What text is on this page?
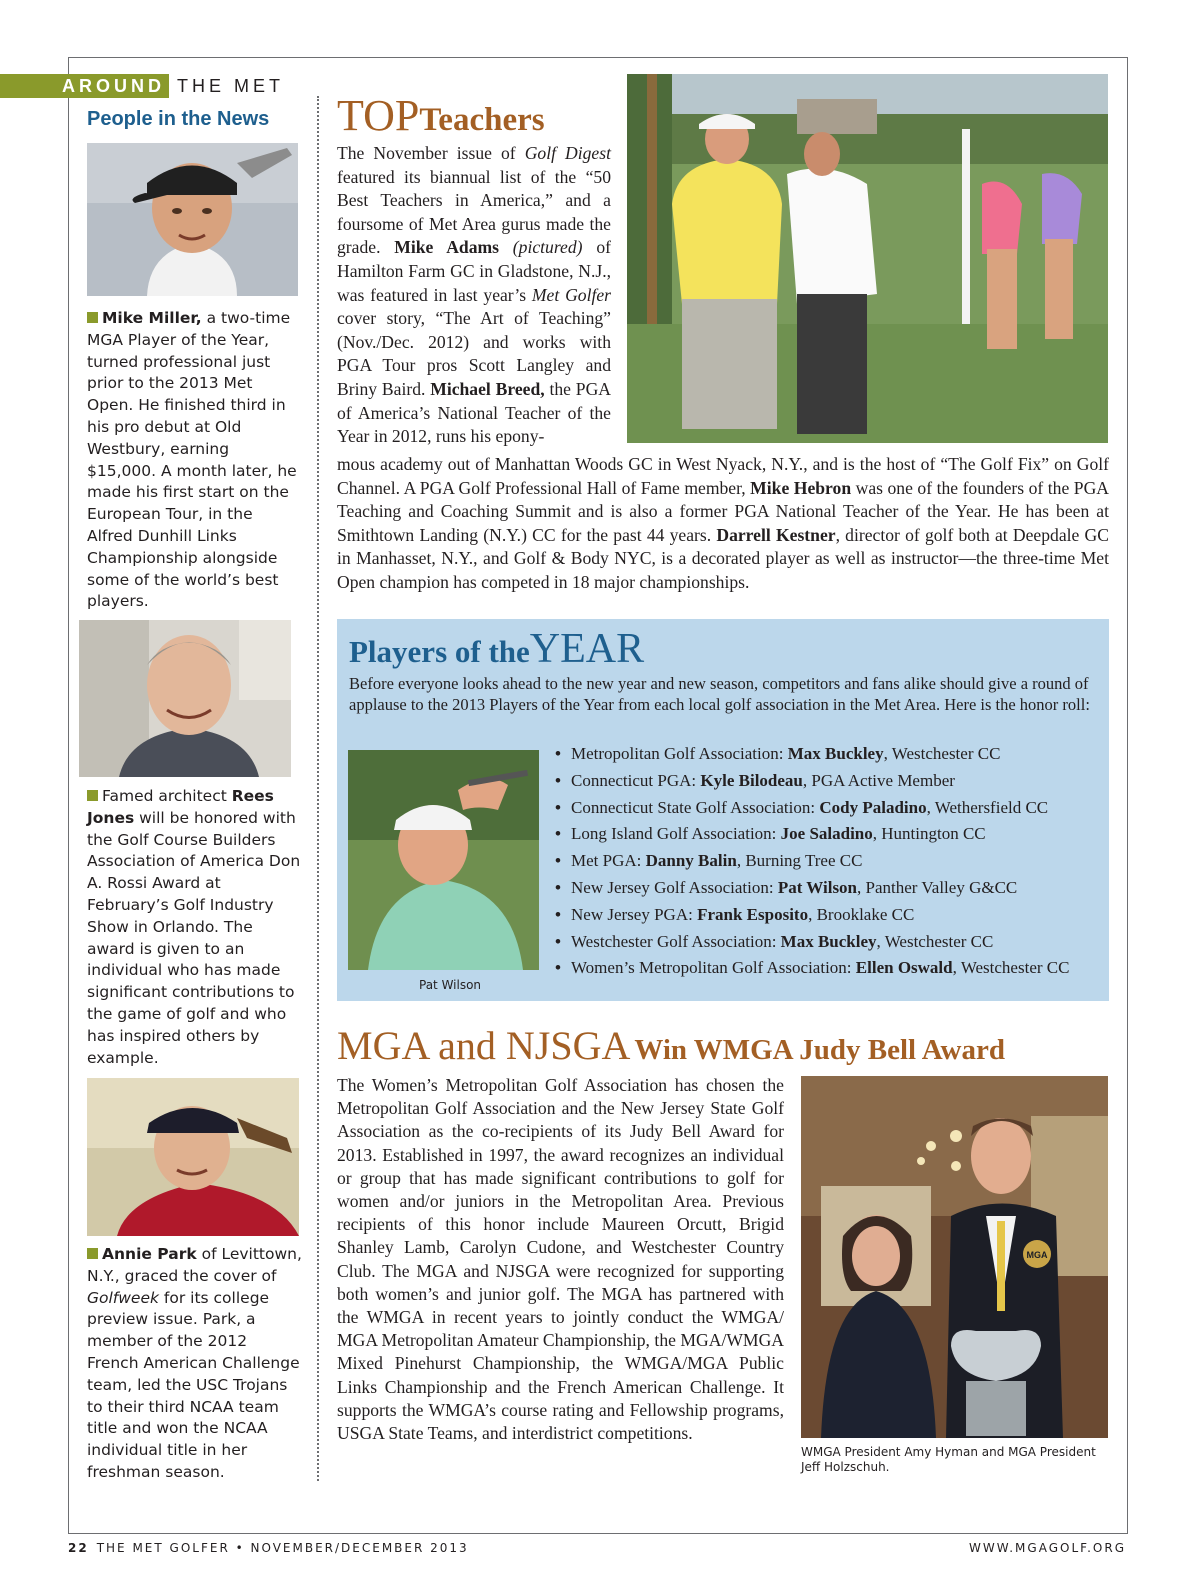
AROUND THE MET
People in the News
Mike Miller, a two-time MGA Player of the Year, turned professional just prior to the 2013 Met Open. He finished third in his pro debut at Old Westbury, earning $15,000. A month later, he made his first start on the European Tour, in the Alfred Dunhill Links Championship alongside some of the world’s best players.
Famed architect Rees Jones will be honored with the Golf Course Builders Association of America Don A. Rossi Award at February’s Golf Industry Show in Orlando. The award is given to an individual who has made significant contributions to the game of golf and who has inspired others by example.
Annie Park of Levittown, N.Y., graced the cover of Golfweek for its college preview issue. Park, a member of the 2012 French American Challenge team, led the USC Trojans to their third NCAA team title and won the NCAA individual title in her freshman season.
TOPTeachers
The November issue of Golf Digest featured its biannual list of the “50 Best Teachers in America,” and a foursome of Met Area gurus made the grade. Mike Adams (pictured) of Hamilton Farm GC in Gladstone, N.J., was featured in last year’s Met Golfer cover story, “The Art of Teaching” (Nov./Dec. 2012) and works with PGA Tour pros Scott Langley and Briny Baird. Michael Breed, the PGA of America’s National Teacher of the Year in 2012, runs his epony-
mous academy out of Manhattan Woods GC in West Nyack, N.Y., and is the host of “The Golf Fix” on Golf Channel. A PGA Golf Professional Hall of Fame member, Mike Hebron was one of the founders of the PGA Teaching and Coaching Summit and is also a former PGA National Teacher of the Year. He has been at Smithtown Landing (N.Y.) CC for the past 44 years. Darrell Kestner, director of golf both at Deepdale GC in Manhasset, N.Y., and Golf & Body NYC, is a decorated player as well as instructor—the three-time Met Open champion has competed in 18 major championships.
Players of theYEAR
Before everyone looks ahead to the new year and new season, competitors and fans alike should give a round of applause to the 2013 Players of the Year from each local golf association in the Met Area. Here is the honor roll:
Pat Wilson
• Metropolitan Golf Association: Max Buckley, Westchester CC
• Connecticut PGA: Kyle Bilodeau, PGA Active Member
• Connecticut State Golf Association: Cody Paladino, Wethersfield CC
• Long Island Golf Association: Joe Saladino, Huntington CC
• Met PGA: Danny Balin, Burning Tree CC
• New Jersey Golf Association: Pat Wilson, Panther Valley G&CC
• New Jersey PGA: Frank Esposito, Brooklake CC
• Westchester Golf Association: Max Buckley, Westchester CC
• Women’s Metropolitan Golf Association: Ellen Oswald, Westchester CC
MGA and NJSGA Win WMGA Judy Bell Award
The Women’s Metropolitan Golf Association has chosen the Metropolitan Golf Association and the New Jersey State Golf Association as the co-recipients of its Judy Bell Award for 2013. Established in 1997, the award recognizes an individual or group that has made significant contributions to golf for women and/or juniors in the Metropolitan Area. Previous recipients of this honor include Maureen Orcutt, Brigid Shanley Lamb, Carolyn Cudone, and Westchester Country Club. The MGA and NJSGA were recognized for supporting both women’s and junior golf. The MGA has partnered with the WMGA in recent years to jointly conduct the WMGA/ MGA Metropolitan Amateur Championship, the MGA/WMGA Mixed Pinehurst Championship, the WMGA/MGA Public Links Championship and the French American Challenge. It supports the WMGA’s course rating and Fellowship programs, USGA State Teams, and interdistrict competitions.
MGA
WMGA President Amy Hyman and MGA President Jeff Holzschuh.
22 THE MET GOLFER • NOVEMBER/DECEMBER 2013	WWW.MGAGOLF.ORG
